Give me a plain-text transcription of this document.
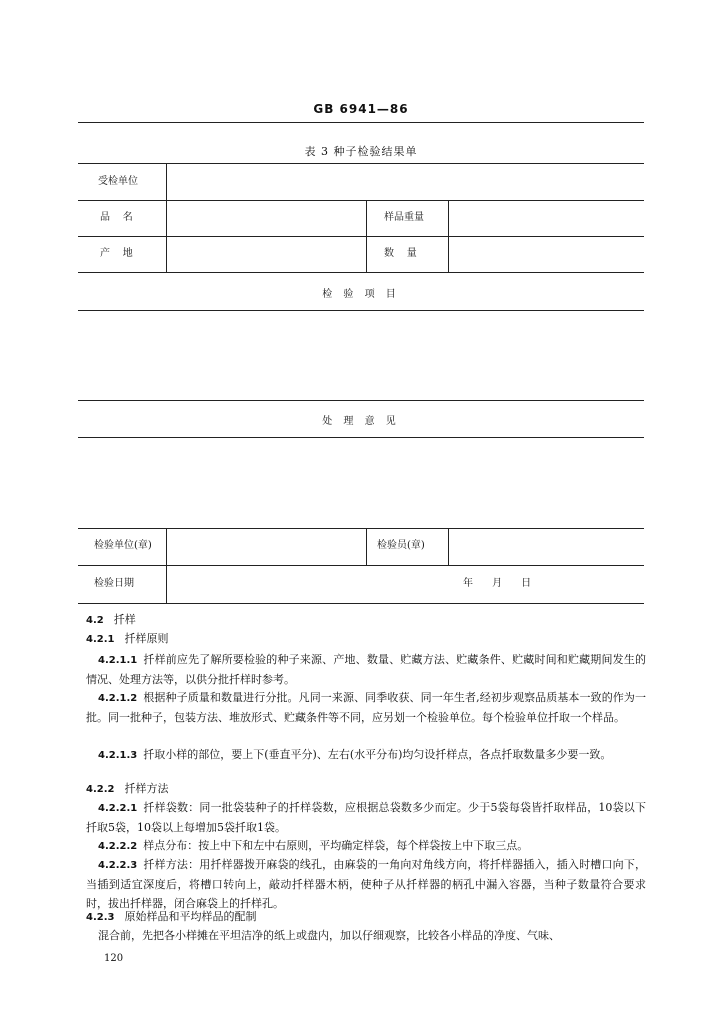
GB 6941—86
表 3 种子检验结果单
受检单位
品    名	样品重量
产    地	数    量
检 验 项 目
处 理 意 见
检验单位(章)	检验员(章)
检验日期	年      月      日
4.2 扦样
4.2.1 扦样原则
4.2.1.1 扦样前应先了解所要检验的种子来源、产地、数量、贮藏方法、贮藏条件、贮藏时间和贮藏期间发生的情况、处理方法等，以供分批扦样时参考。
4.2.1.2 根据种子质量和数量进行分批。凡同一来源、同季收获、同一年生者,经初步观察品质基本一致的作为一批。同一批种子，包装方法、堆放形式、贮藏条件等不同，应另划一个检验单位。每个检验单位扦取一个样品。
4.2.1.3 扦取小样的部位，要上下(垂直平分)、左右(水平分布)均匀设扦样点，各点扦取数量多少要一致。
4.2.2 扦样方法
4.2.2.1 扦样袋数：同一批袋装种子的扦样袋数，应根据总袋数多少而定。少于5袋每袋皆扦取样品，10袋以下扦取5袋，10袋以上每增加5袋扦取1袋。
4.2.2.2 样点分布：按上中下和左中右原则，平均确定样袋，每个样袋按上中下取三点。
4.2.2.3 扦样方法：用扦样器拨开麻袋的线孔，由麻袋的一角向对角线方向，将扦样器插入，插入时槽口向下，当插到适宜深度后，将槽口转向上，敲动扦样器木柄，使种子从扦样器的柄孔中漏入容器，当种子数量符合要求时，拔出扦样器，闭合麻袋上的扦样孔。
4.2.3 原始样品和平均样品的配制
混合前，先把各小样摊在平坦洁净的纸上或盘内，加以仔细观察，比较各小样品的净度、气味、
120
